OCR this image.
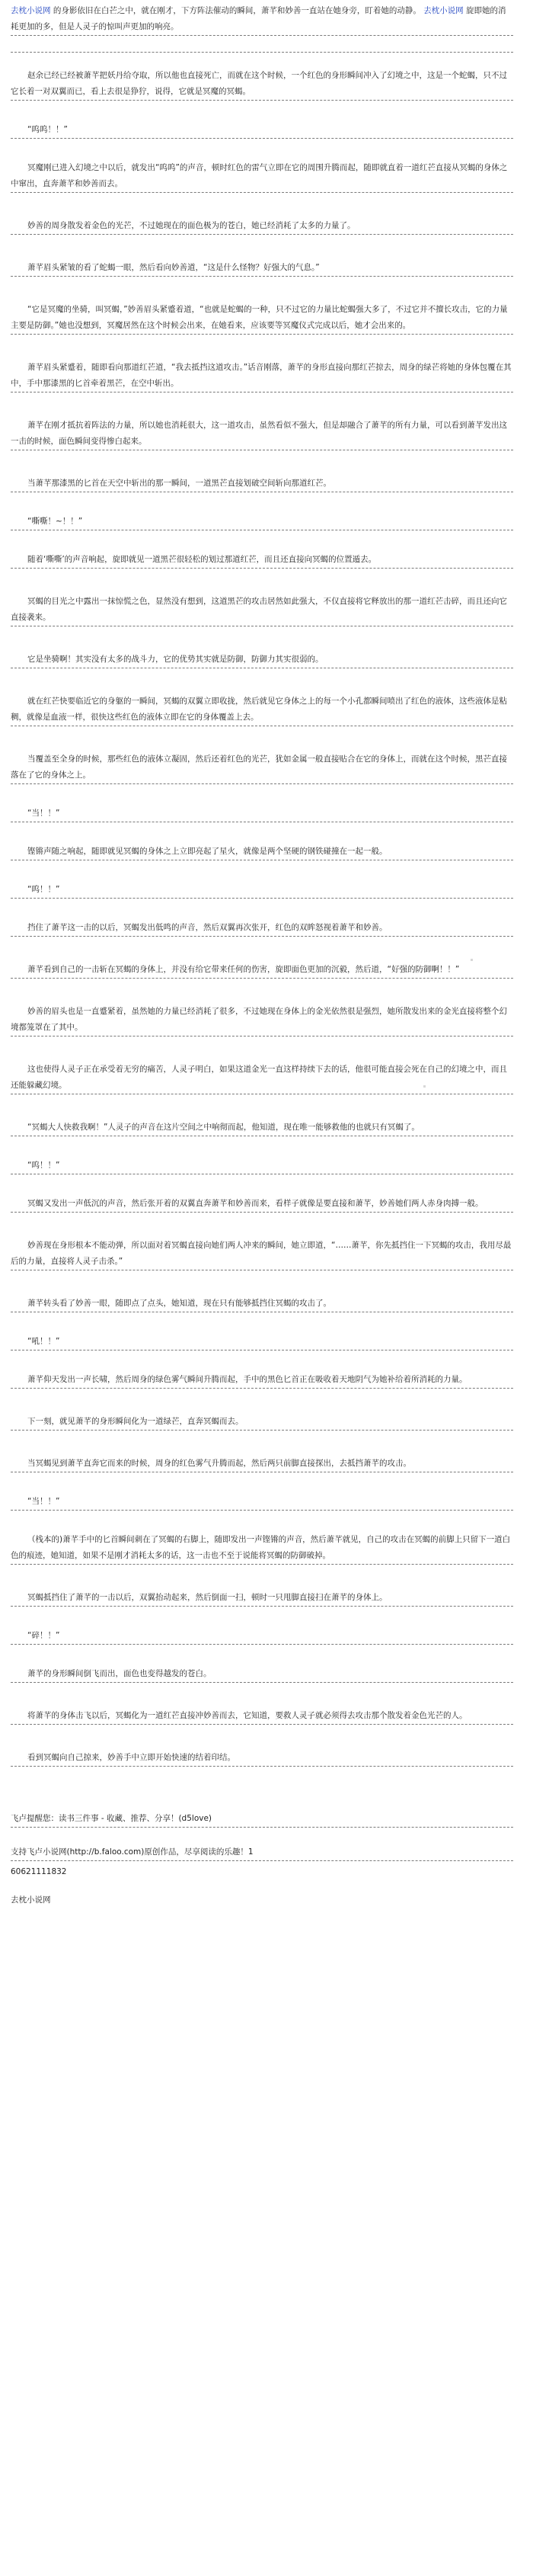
去枕小说网 的身影依旧在白芒之中，就在刚才，下方阵法催动的瞬间，萧芊和妙善一直站在她身旁，盯着她的动静。 去枕小说网 旋即她的消耗更加的多，但是人灵子的惊叫声更加的响亮。

赵余已经已经被萧芊把妖丹给夺取，所以他也直接死亡，而就在这个时候，一个红色的身形瞬间冲入了幻境之中，这是一个蛇蝎，只不过它长着一对双翼而已，看上去很是狰狞，说得，它就是冥魔的冥蝎。

“呜呜！！”

冥魔刚已进入幻境之中以后，就发出“呜呜”的声音，顿时红色的雷气立即在它的周围升腾而起，随即就直着一道红芒直接从冥蝎的身体之中窜出，直奔萧芊和妙善而去。

妙善的周身散发着金色的光芒，不过她现在的面色极为的苍白，她已经消耗了太多的力量了。

萧芊眉头紧皱的看了蛇蝎一眼，然后看向妙善道，“这是什么怪物？好强大的气息。”

“它是冥魔的坐骑，叫冥蝎，”妙善眉头紧蹙着道，“也就是蛇蝎的一种，只不过它的力量比蛇蝎强大多了，不过它并不擅长攻击，它的力量主要是防御。”她也没想到，冥魔居然在这个时候会出来，在她看来，应该要等冥魔仪式完成以后，她才会出来的。

萧芊眉头紧蹙着，随即看向那道红芒道，“我去抵挡这道攻击。”话音刚落，萧芊的身形直接向那红芒掠去，周身的绿芒将她的身体包覆在其中，手中那漆黑的匕首牵着黑芒，在空中斩出。

萧芊在刚才抵抗着阵法的力量，所以她也消耗很大，这一道攻击，虽然看似不强大，但是却融合了萧芊的所有力量，可以看到萧芊发出这一击的时候，面色瞬间变得惨白起来。

当萧芊那漆黑的匕首在天空中斩出的那一瞬间，一道黑芒直接划破空间斩向那道红芒。

“嘶嘶！~！！”

随着‘嘶嘶’的声音响起，旋即就见一道黑芒很轻松的划过那道红芒，而且还直接向冥蝎的位置遁去。

冥蝎的目光之中露出一抹惊慌之色，显然没有想到，这道黑芒的攻击居然如此强大，不仅直接将它释放出的那一道红芒击碎，而且还向它直接袭来。

它是坐骑啊！其实没有太多的战斗力，它的优势其实就是防御，防御力其实很弱的。

就在红芒快要临近它的身躯的一瞬间，冥蝎的双翼立即收拢，然后就见它身体之上的每一个小孔都瞬间喷出了红色的液体，这些液体是粘稠，就像是血液一样，很快这些红色的液体立即在它的身体覆盖上去。

当覆盖至全身的时候，那些红色的液体立凝固，然后还着红色的光芒，犹如金属一般直接贴合在它的身体上，而就在这个时候，黑芒直接落在了它的身体之上。

“当！！”

铿锵声随之响起，随即就见冥蝎的身体之上立即亮起了星火，就像是两个坚硬的钢铁碰撞在一起一般。

“呜！！”

挡住了萧芊这一击的以后，冥蝎发出低鸣的声音，然后双翼再次张开，红色的双眸怒视着萧芊和妙善。

萧芊看到自己的一击斩在冥蝎的身体上，并没有给它带来任何的伤害，旋即面色更加的沉毅，然后道，“好强的防御啊！！”

妙善的眉头也是一直蹙紧着，虽然她的力量已经消耗了很多，不过她现在身体上的金光依然很是强烈，她所散发出来的金光直接将整个幻境都笼罩在了其中。

这也使得人灵子正在承受着无穷的痛苦，人灵子明白，如果这道金光一直这样持续下去的话，他很可能直接会死在自己的幻境之中，而且还能躲藏幻境。

“冥蝎大人快救我啊！”人灵子的声音在这片空间之中响彻而起，他知道，现在唯一能够救他的也就只有冥蝎了。

“呜！！”

冥蝎又发出一声低沉的声音，然后张开着的双翼直奔萧芊和妙善而来，看样子就像是要直接和萧芊，妙善她们两人赤身肉搏一般。

妙善现在身形根本不能动弹，所以面对着冥蝎直接向她们两人冲来的瞬间，她立即道，“……萧芊，你先抵挡住一下冥蝎的攻击，我用尽最后的力量，直接将人灵子击杀。”

萧芊转头看了妙善一眼，随即点了点头，她知道，现在只有能够抵挡住冥蝎的攻击了。

“吼！！”

萧芊仰天发出一声长啸，然后周身的绿色雾气瞬间升腾而起，手中的黑色匕首正在吸收着天地阴气为她补给着所消耗的力量。

下一刻，就见萧芊的身形瞬间化为一道绿芒，直奔冥蝎而去。

当冥蝎见到萧芊直奔它而来的时候，周身的红色雾气升腾而起，然后两只前脚直接探出，去抵挡萧芊的攻击。

“当！！”

（栈本的)萧芊手中的匕首瞬间刺在了冥蝎的右脚上，随即发出一声铿锵的声音，然后萧芊就见，自己的攻击在冥蝎的前脚上只留下一道白色的痕迹，她知道，如果不是刚才消耗太多的话，这一击也不至于说能将冥蝎的防御破掉。

冥蝎抵挡住了萧芊的一击以后，双翼抬动起来，然后倒面一扫，顿时一只甩脚直接扫在萧芊的身体上。

“碎！！”

萧芊的身形瞬间倒飞而出，面色也变得越发的苍白。

将萧芊的身体击飞以后，冥蝎化为一道红芒直接冲妙善而去，它知道，要救人灵子就必须得去攻击那个散发着金色光芒的人。

看到冥蝎向自己掠来，妙善手中立即开始快速的结着印结。

飞卢提醒您：读书三件事 - 收藏、推荐、分享！(d5love)

支持飞卢小说网(http://b.faloo.com)原创作品，尽享阅读的乐趣！1

60621111832

去枕小说网
